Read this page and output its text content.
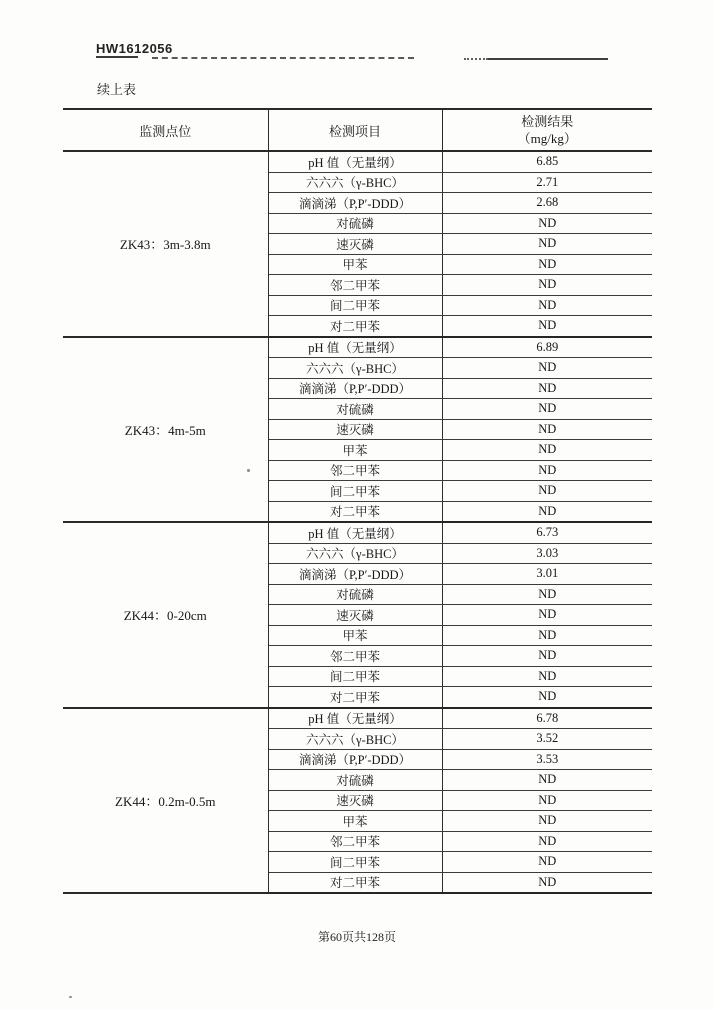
HW1612056
续上表
监测点位	检测项目	检测结果
（mg/kg）

ZK43：3m-3.8m	pH 值（无量纲）	6.85
	六六六（γ-BHC）	2.71
	滴滴涕（P,P′-DDD）	2.68
	对硫磷	ND
	速灭磷	ND
	甲苯	ND
	邻二甲苯	ND
	间二甲苯	ND
	对二甲苯	ND
ZK43：4m-5m	pH 值（无量纲）	6.89
	六六六（γ-BHC）	ND
	滴滴涕（P,P′-DDD）	ND
	对硫磷	ND
	速灭磷	ND
	甲苯	ND
	邻二甲苯	ND
	间二甲苯	ND
	对二甲苯	ND
ZK44：0-20cm	pH 值（无量纲）	6.73
	六六六（γ-BHC）	3.03
	滴滴涕（P,P′-DDD）	3.01
	对硫磷	ND
	速灭磷	ND
	甲苯	ND
	邻二甲苯	ND
	间二甲苯	ND
	对二甲苯	ND
ZK44：0.2m-0.5m	pH 值（无量纲）	6.78
	六六六（γ-BHC）	3.52
	滴滴涕（P,P′-DDD）	3.53
	对硫磷	ND
	速灭磷	ND
	甲苯	ND
	邻二甲苯	ND
	间二甲苯	ND
	对二甲苯	ND
第60页共128页
